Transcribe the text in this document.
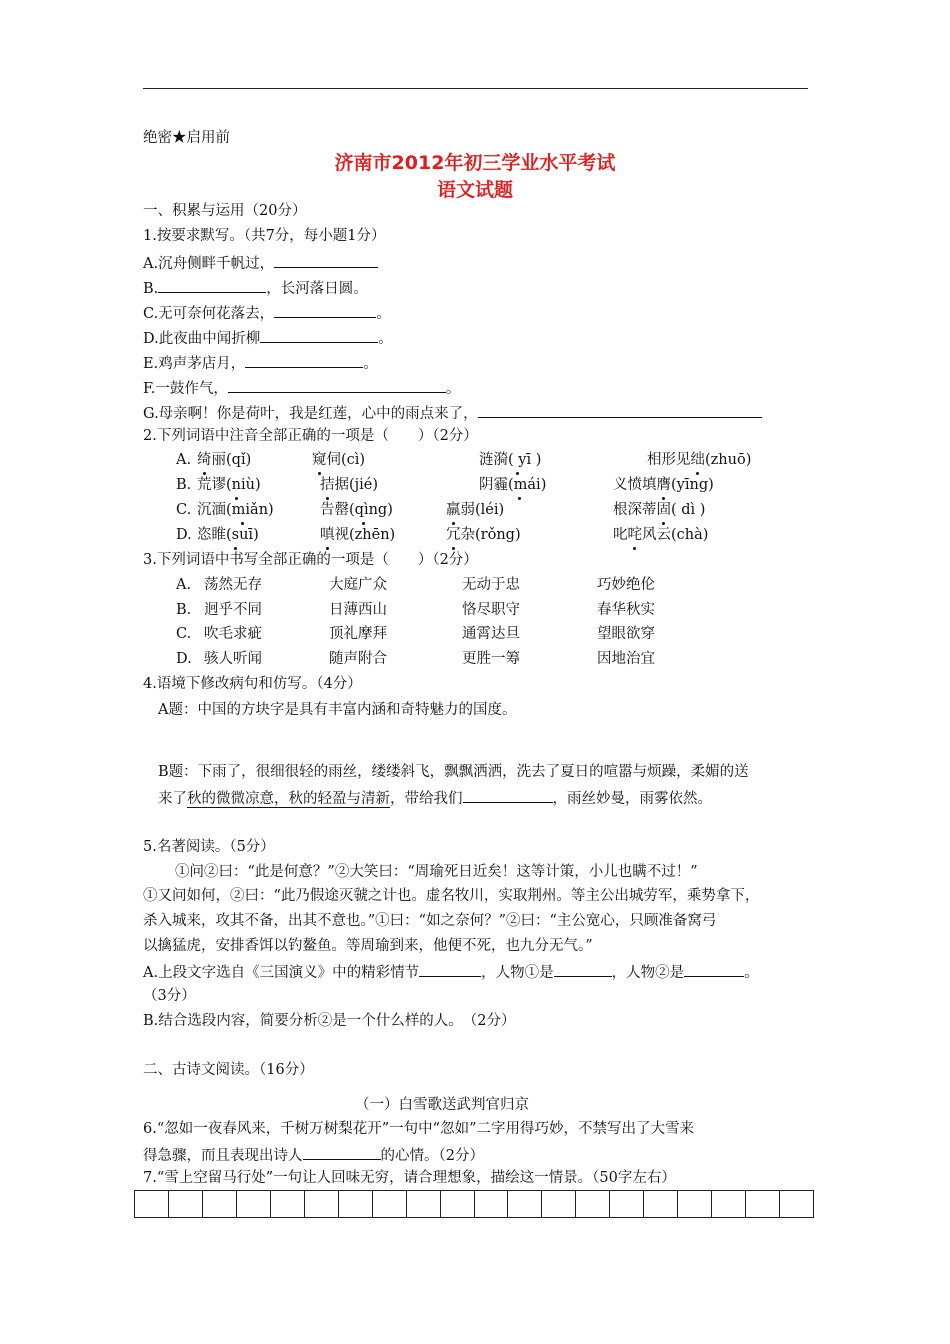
绝密★启用前
济南市2012年初三学业水平考试
语文试题
一、积累与运用（20分）
1.按要求默写。（共7分，每小题1分）
A.沉舟侧畔千帆过，
B.	，长河落日圆。
C.无可奈何花落去，	。
D.此夜曲中闻折柳	。
E.鸡声茅店月，	。
F.一鼓作气，	。
G.母亲啊！你是荷叶，我是红莲，心中的雨点来了，
2.下列词语中注音全部正确的一项是（　　）（2分）
A. 绮丽(qǐ)	窥伺(cì)	涟漪( yī )	相形见绌(zhuō)
B. 荒谬(niù)	拮据(jié)	阴霾(mái)	义愤填膺(yīng)
C. 沉湎(miǎn)	告罄(qìng)	羸弱(léi)	根深蒂固( dì )
D. 恣睢(suī)	嗔视(zhēn)	冗杂(rǒng)	叱咤风云(chà)
3.下列词语中书写全部正确的一项是（　　）（2分）
A. 荡然无存	大庭广众	无动于忠	巧妙绝伦
B. 迥乎不同	日薄西山	恪尽职守	春华秋实
C. 吹毛求疵	顶礼摩拜	通霄达旦	望眼欲穿
D. 骇人听闻	随声附合	更胜一筹	因地治宜
4.语境下修改病句和仿写。（4分）
A题：中国的方块字是具有丰富内涵和奇特魅力的国度。
B题：下雨了，很细很轻的雨丝，缕缕斜飞，飘飘洒洒，洗去了夏日的喧嚣与烦躁，柔媚的送
来了秋的微微凉意，秋的轻盈与清新，带给我们	，雨丝妙曼，雨雾依然。
5.名著阅读。（5分）
①问②曰：“此是何意？”②大笑曰：“周瑜死日近矣！这等计策，小儿也瞒不过！”
①又问如何，②曰：“此乃假途灭虢之计也。虚名牧川，实取荆州。等主公出城劳军，乘势拿下，
杀入城来，攻其不备，出其不意也。”①曰：“如之奈何？”②曰：“主公宽心，只顾准备窝弓
以擒猛虎，安排香饵以钓鳌鱼。等周瑜到来，他便不死，也九分无气。”
A.上段文字选自《三国演义》中的精彩情节	，人物①是	，人物②是	。
（3分）
B.结合选段内容，简要分析②是一个什么样的人。　（2分）
二、古诗文阅读。（16分）
（一）白雪歌送武判官归京
6.“忽如一夜春风来，千树万树梨花开”一句中“忽如”二字用得巧妙，不禁写出了大雪来
得急骤，而且表现出诗人	的心情。（2分）
7.“雪上空留马行处”一句让人回味无穷，请合理想象，描绘这一情景。（50字左右）
